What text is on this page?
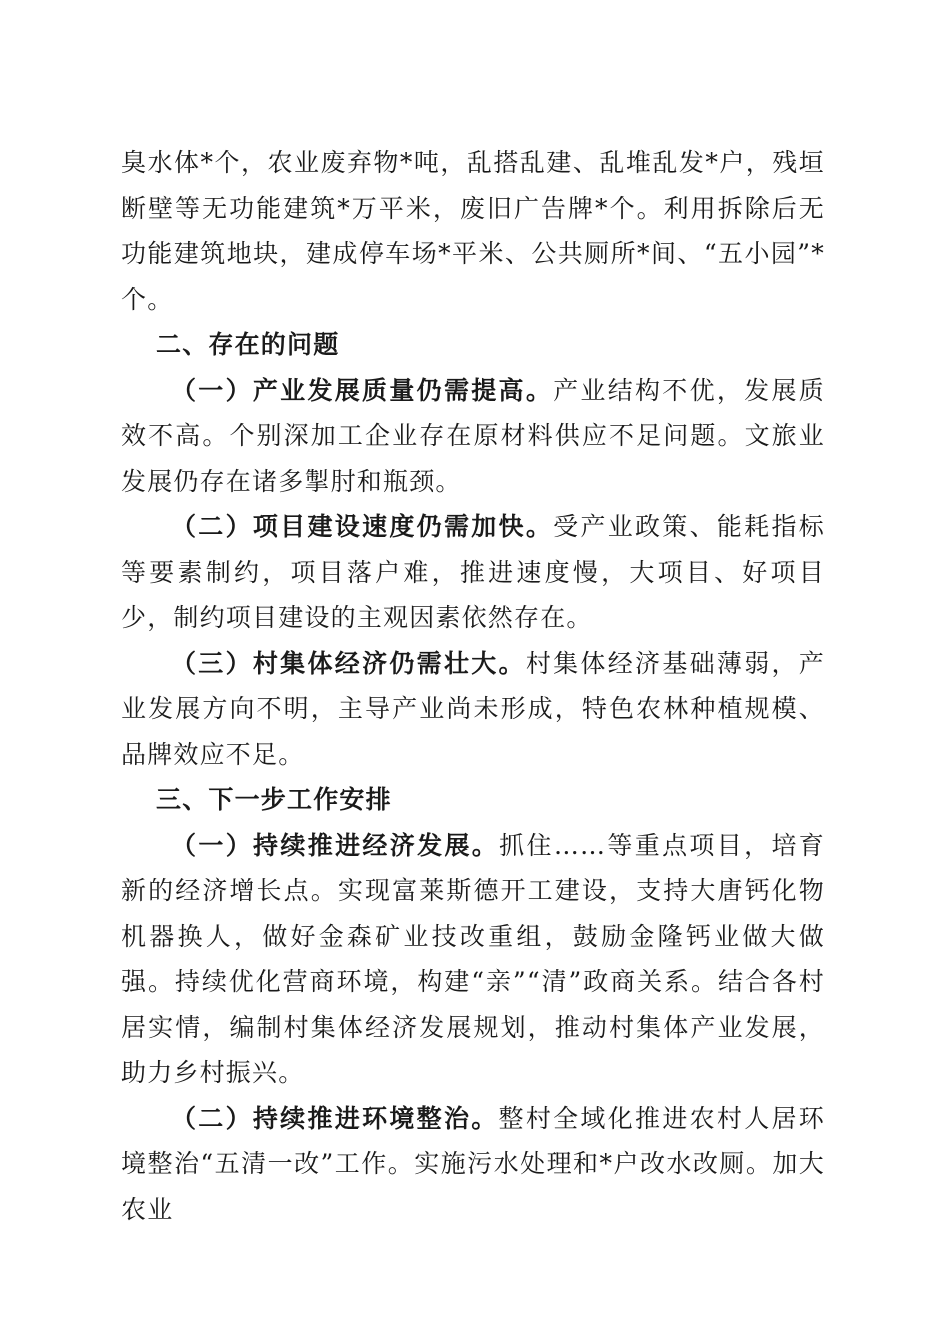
臭水体*个，农业废弃物*吨，乱搭乱建、乱堆乱发*户，残垣断壁等无功能建筑*万平米，废旧广告牌*个。利用拆除后无功能建筑地块，建成停车场*平米、公共厕所*间、“五小园”*个。

二、存在的问题

（一）产业发展质量仍需提高。产业结构不优，发展质效不高。个别深加工企业存在原材料供应不足问题。文旅业发展仍存在诸多掣肘和瓶颈。

（二）项目建设速度仍需加快。受产业政策、能耗指标等要素制约，项目落户难，推进速度慢，大项目、好项目少，制约项目建设的主观因素依然存在。

（三）村集体经济仍需壮大。村集体经济基础薄弱，产业发展方向不明，主导产业尚未形成，特色农林种植规模、品牌效应不足。

三、下一步工作安排

（一）持续推进经济发展。抓住……等重点项目，培育新的经济增长点。实现富莱斯德开工建设，支持大唐钙化物机器换人，做好金森矿业技改重组，鼓励金隆钙业做大做强。持续优化营商环境，构建“亲”“清”政商关系。结合各村居实情，编制村集体经济发展规划，推动村集体产业发展，助力乡村振兴。

（二）持续推进环境整治。整村全域化推进农村人居环境整治“五清一改”工作。实施污水处理和*户改水改厕。加大农业
